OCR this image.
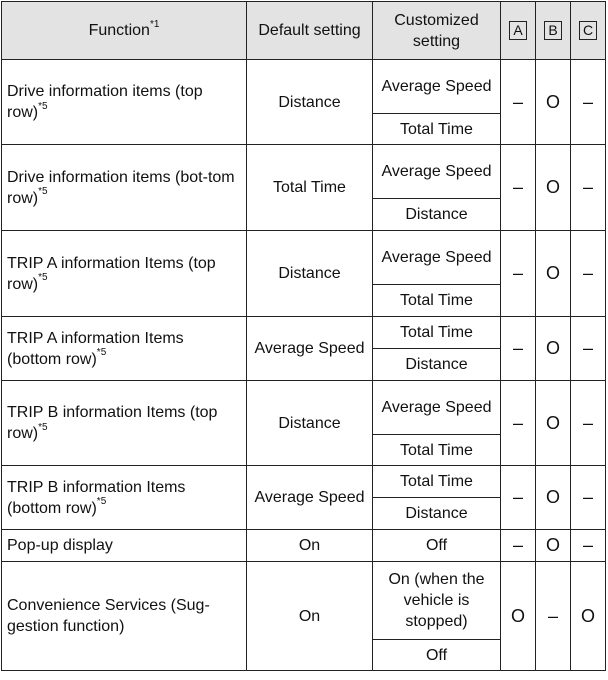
Function$^{*1}$	Default setting	Customized setting	A	B	C
Drive information items (top row)$^{*5}$	Distance	Average Speed	–	O	–
		Total Time			
Drive information items (bot-tom row)$^{*5}$	Total Time	Average Speed	–	O	–
		Distance			
TRIP A information Items (top row)$^{*5}$	Distance	Average Speed	–	O	–
		Total Time			
TRIP A information Items (bottom row)$^{*5}$	Average Speed	Total Time	–	O	–
		Distance			
TRIP B information Items (top row)$^{*5}$	Distance	Average Speed	–	O	–
		Total Time			
TRIP B information Items (bottom row)$^{*5}$	Average Speed	Total Time	–	O	–
		Distance			
Pop-up display	On	Off	–	O	–
Convenience Services (Sug-gestion function)	On	On (when the vehicle is stopped)	O	–	O
		Off			
